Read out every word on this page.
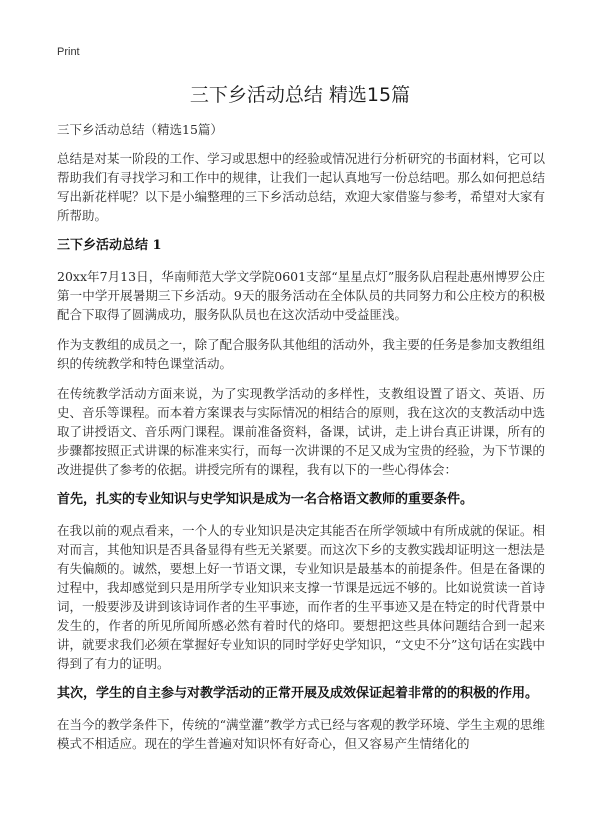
Print
三下乡活动总结 精选15篇

三下乡活动总结（精选15篇）

总结是对某一阶段的工作、学习或思想中的经验或情况进行分析研究的书面材料，它可以帮助我们有寻找学习和工作中的规律，让我们一起认真地写一份总结吧。那么如何把总结写出新花样呢？以下是小编整理的三下乡活动总结，欢迎大家借鉴与参考，希望对大家有所帮助。

三下乡活动总结 1

20xx年7月13日，华南师范大学文学院0601支部“星星点灯”服务队启程赴惠州博罗公庄第一中学开展暑期三下乡活动。9天的服务活动在全体队员的共同努力和公庄校方的积极配合下取得了圆满成功，服务队队员也在这次活动中受益匪浅。

作为支教组的成员之一，除了配合服务队其他组的活动外，我主要的任务是参加支教组组织的传统教学和特色课堂活动。

在传统教学活动方面来说，为了实现教学活动的多样性，支教组设置了语文、英语、历史、音乐等课程。而本着方案课表与实际情况的相结合的原则，我在这次的支教活动中选取了讲授语文、音乐两门课程。课前准备资料，备课，试讲，走上讲台真正讲课，所有的步骤都按照正式讲课的标准来实行，而每一次讲课的不足又成为宝贵的经验，为下节课的改进提供了参考的依据。讲授完所有的课程，我有以下的一些心得体会：

首先，扎实的专业知识与史学知识是成为一名合格语文教师的重要条件。

在我以前的观点看来，一个人的专业知识是决定其能否在所学领域中有所成就的保证。相对而言，其他知识是否具备显得有些无关紧要。而这次下乡的支教实践却证明这一想法是有失偏颇的。诚然，要想上好一节语文课，专业知识是最基本的前提条件。但是在备课的过程中，我却感觉到只是用所学专业知识来支撑一节课是远远不够的。比如说赏读一首诗词，一般要涉及讲到该诗词作者的生平事迹，而作者的生平事迹又是在特定的时代背景中发生的，作者的所见所闻所感必然有着时代的烙印。要想把这些具体问题结合到一起来讲，就要求我们必须在掌握好专业知识的同时学好史学知识，“文史不分”这句话在实践中得到了有力的证明。

其次，学生的自主参与对教学活动的正常开展及成效保证起着非常的的积极的作用。

在当今的教学条件下，传统的“满堂灌”教学方式已经与客观的教学环境、学生主观的思维模式不相适应。现在的学生普遍对知识怀有好奇心，但又容易产生情绪化的
